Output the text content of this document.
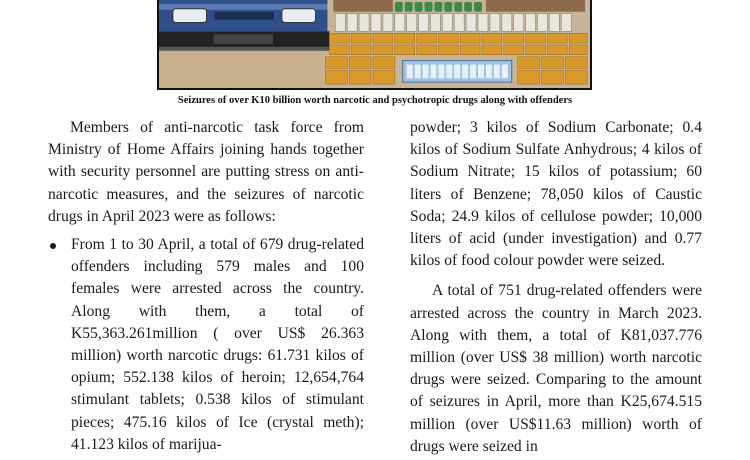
Seizures of over K10 billion worth narcotic and psychotropic drugs along with offenders

Members of anti-narcotic task force from Ministry of Home Affairs joining hands together with security personnel are putting stress on anti-narcotic measures, and the seizures of narcotic drugs in April 2023 were as follows:

From 1 to 30 April, a total of 679 drug-related offenders including 579 males and 100 females were arrested across the country. Along with them, a total of K55,363.261million ( over US$ 26.363 million) worth narcotic drugs: 61.731 kilos of opium; 552.138 kilos of heroin; 12,654,764 stimulant tablets; 0.538 kilos of stimulant pieces; 475.16 kilos of Ice (crystal meth); 41.123 kilos of marijua-

powder; 3 kilos of Sodium Carbonate; 0.4 kilos of Sodium Sulfate Anhydrous; 4 kilos of Sodium Nitrate; 15 kilos of potassium; 60 liters of Benzene; 78,050 kilos of Caustic Soda; 24.9 kilos of cellulose powder; 10,000 liters of acid (under investigation) and 0.77 kilos of food colour powder were seized.

A total of 751 drug-related offenders were arrested across the country in March 2023. Along with them, a total of K81,037.776 million (over US$ 38 million) worth narcotic drugs were seized. Comparing to the amount of seizures in April, more than K25,674.515 million (over US$11.63 million) worth of drugs were seized in
